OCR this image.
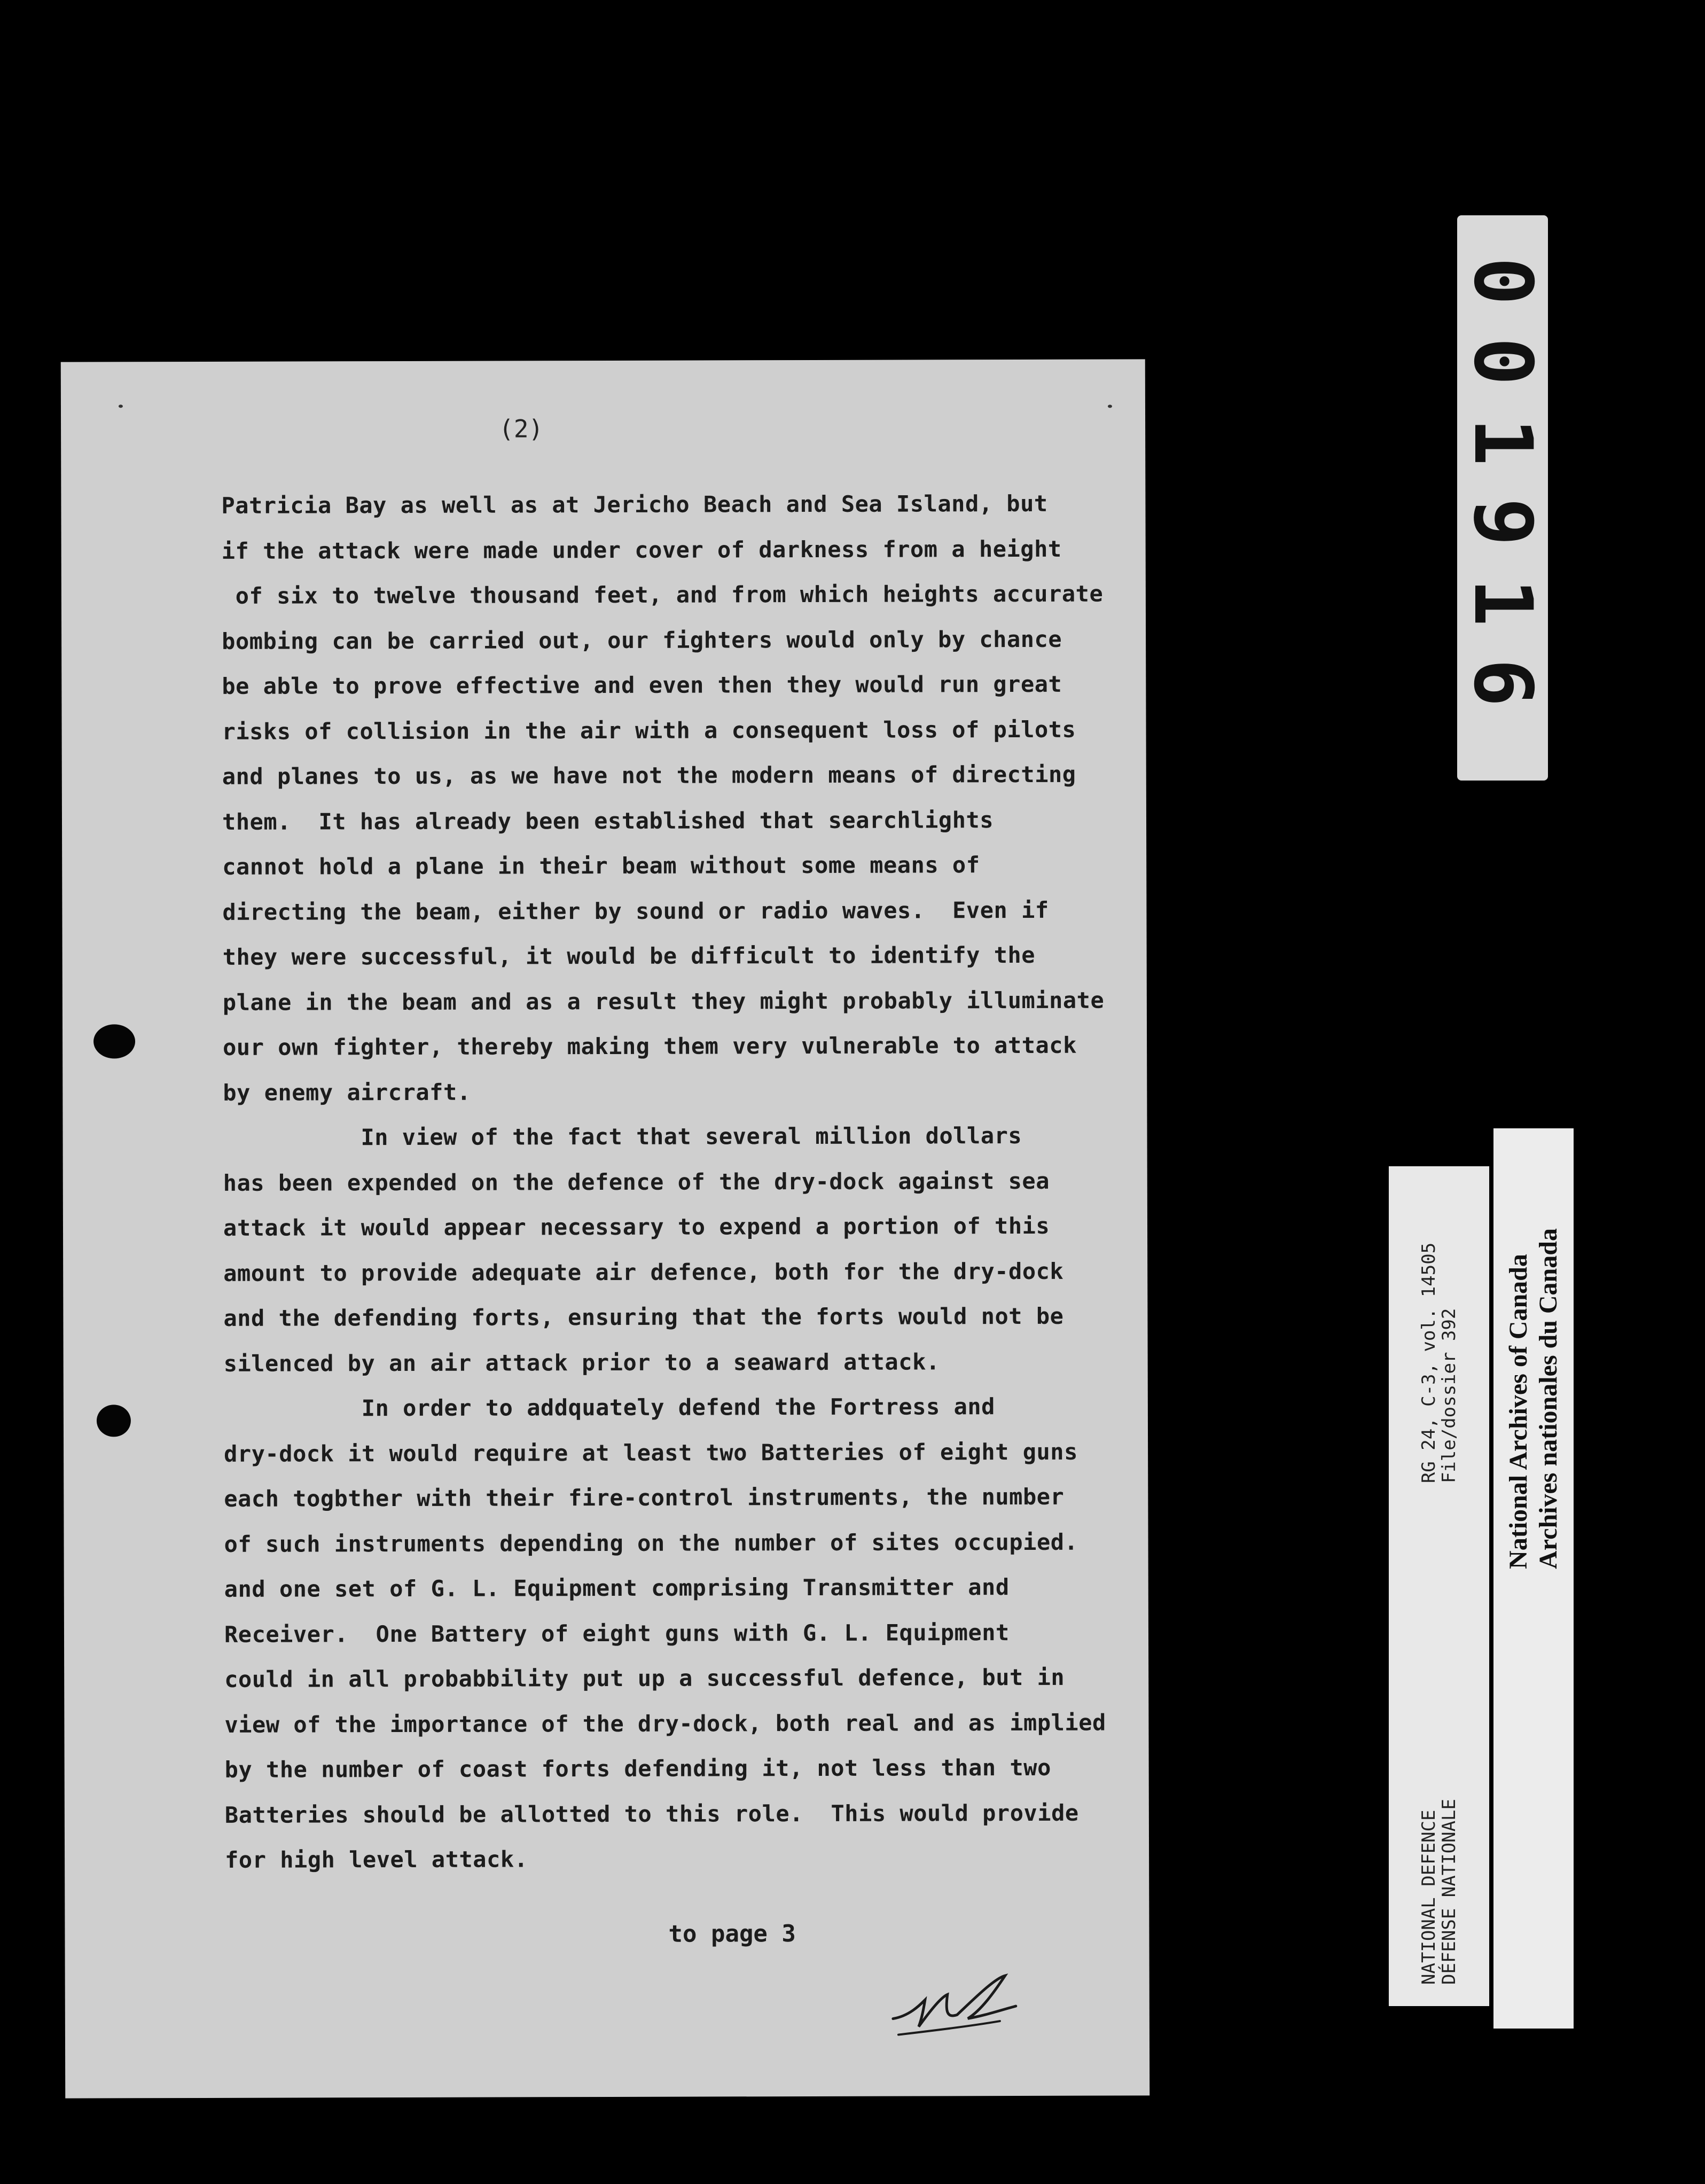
(2)
Patricia Bay as well as at Jericho Beach and Sea Island, but
if the attack were made under cover of darkness from a height
of six to twelve thousand feet, and from which heights accurate
bombing can be carried out, our fighters would only by chance
be able to prove effective and even then they would run great
risks of collision in the air with a consequent loss of pilots
and planes to us, as we have not the modern means of directing
them.  It has already been established that searchlights
cannot hold a plane in their beam without some means of
directing the beam, either by sound or radio waves.  Even if
they were successful, it would be difficult to identify the
plane in the beam and as a result they might probably illuminate
our own fighter, thereby making them very vulnerable to attack
by enemy aircraft.
In view of the fact that several million dollars
has been expended on the defence of the dry-dock against sea
attack it would appear necessary to expend a portion of this
amount to provide adequate air defence, both for the dry-dock
and the defending forts, ensuring that the forts would not be
silenced by an air attack prior to a seaward attack.
In order to addquately defend the Fortress and
dry-dock it would require at least two Batteries of eight guns
each togbther with their fire-control instruments, the number
of such instruments depending on the number of sites occupied.
and one set of G. L. Equipment comprising Transmitter and
Receiver.  One Battery of eight guns with G. L. Equipment
could in all probabbility put up a successful defence, but in
view of the importance of the dry-dock, both real and as implied
by the number of coast forts defending it, not less than two
Batteries should be allotted to this role.  This would provide
for high level attack.
to page 3
001916
RG 24, C-3, vol. 14505
File/dossier 392
NATIONAL DEFENCE
DÉFENSE NATIONALE
National Archives of Canada Archives nationales du Canada
